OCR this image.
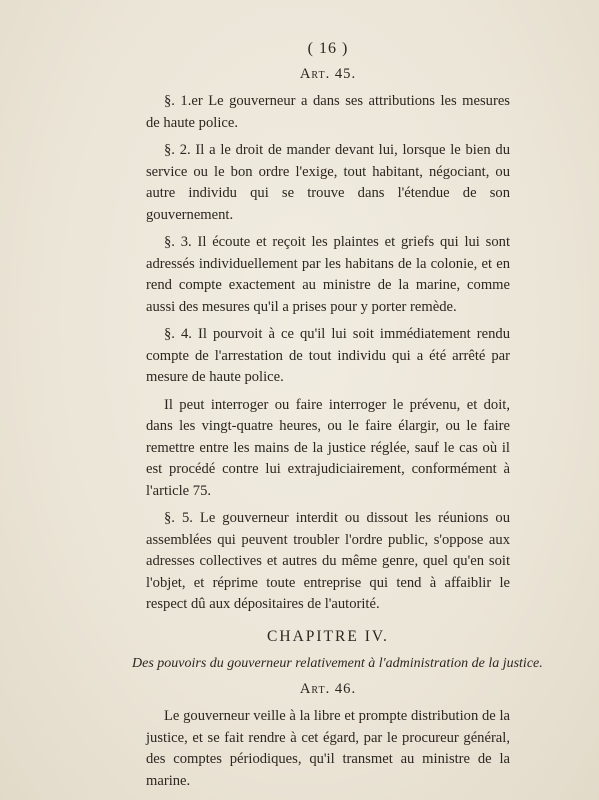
( 16 )
Art. 45.

§. 1.er Le gouverneur a dans ses attributions les mesures de haute police.

§. 2. Il a le droit de mander devant lui, lorsque le bien du service ou le bon ordre l'exige, tout habitant, négociant, ou autre individu qui se trouve dans l'étendue de son gouvernement.

§. 3. Il écoute et reçoit les plaintes et griefs qui lui sont adressés individuellement par les habitans de la colonie, et en rend compte exactement au ministre de la marine, comme aussi des mesures qu'il a prises pour y porter remède.

§. 4. Il pourvoit à ce qu'il lui soit immédiatement rendu compte de l'arrestation de tout individu qui a été arrêté par mesure de haute police.

Il peut interroger ou faire interroger le prévenu, et doit, dans les vingt-quatre heures, ou le faire élargir, ou le faire remettre entre les mains de la justice réglée, sauf le cas où il est procédé contre lui extrajudiciairement, conformément à l'article 75.

§. 5. Le gouverneur interdit ou dissout les réunions ou assemblées qui peuvent troubler l'ordre public, s'oppose aux adresses collectives et autres du même genre, quel qu'en soit l'objet, et réprime toute entreprise qui tend à affaiblir le respect dû aux dépositaires de l'autorité.

CHAPITRE IV.
Des pouvoirs du gouverneur relativement à l'administration de la justice.
Art. 46.

Le gouverneur veille à la libre et prompte distribution de la justice, et se fait rendre à cet égard, par le procureur général, des comptes périodiques, qu'il transmet au ministre de la marine.
